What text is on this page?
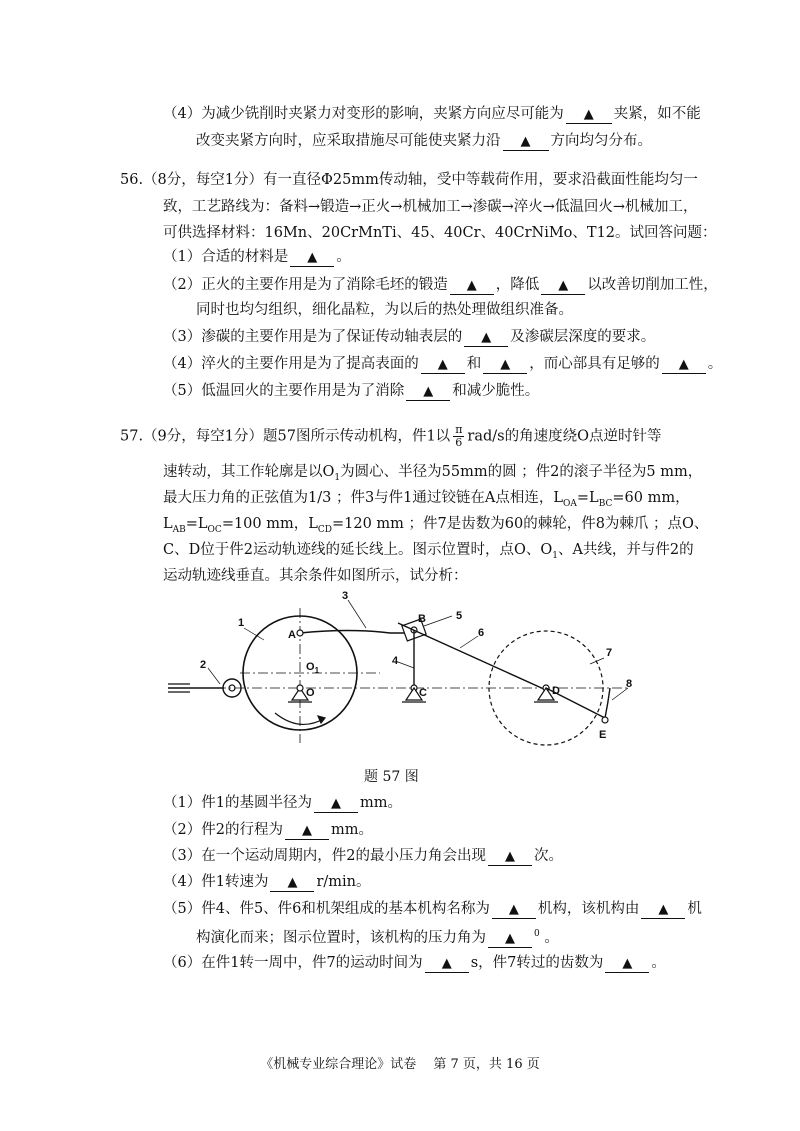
（4）为减少铣削时夹紧力对变形的影响，夹紧方向应尽可能为 ▲ 夹紧，如不能
改变夹紧方向时，应采取措施尽可能使夹紧力沿 ▲ 方向均匀分布。
56.（8分，每空1分）有一直径Φ25mm传动轴，受中等载荷作用，要求沿截面性能均匀一
致，工艺路线为：备料→锻造→正火→机械加工→渗碳→淬火→低温回火→机械加工，
可供选择材料：16Mn、20CrMnTi、45、40Cr、40CrNiMo、T12。试回答问题：
（1）合适的材料是 ▲ 。
（2）正火的主要作用是为了消除毛坯的锻造 ▲ ，降低 ▲ 以改善切削加工性，
同时也均匀组织，细化晶粒，为以后的热处理做组织准备。
（3）渗碳的主要作用是为了保证传动轴表层的 ▲ 及渗碳层深度的要求。
（4）淬火的主要作用是为了提高表面的 ▲ 和 ▲ ，而心部具有足够的 ▲ 。
（5）低温回火的主要作用是为了消除 ▲ 和减少脆性。
57.（9分，每空1分）题57图所示传动机构，件1以 $\frac{\pi}{6} rad/s$的角速度绕O点逆时针等
速转动，其工作轮廓是以$O_1$为圆心、半径为55mm的圆 ；件2的滚子半径为5 mm，
最大压力角的正弦值为1/3 ；件3与件1通过铰链在A点相连，$L_{OA}=L_{BC}=60$ mm，
$L_{AB}=L_{OC}=100$ mm，$L_{CD}=120$ mm ；件7是齿数为60的棘轮，件8为棘爪 ；点O、
C、D位于件2运动轨迹线的延长线上。图示位置时，点O、$O_1$、A共线，并与件2的
运动轨迹线垂直。其余条件如图所示，试分析：
1
2
3
4
5
6
7
8
A
B
C	D
E
O
$O_1$
题 57 图
（1）件1的基圆半径为 ▲ mm。
（2）件2的行程为 ▲ mm。
（3）在一个运动周期内，件2的最小压力角会出现 ▲ 次。
（4）件1转速为 ▲ r/min。
（5）件4、件5、件6和机架组成的基本机构名称为 ▲ 机构，该机构由 ▲ 机
构演化而来；图示位置时，该机构的压力角为 ▲ $^0$ 。
（6）在件1转一周中，件7的运动时间为 ▲ s，件7转过的齿数为 ▲ 。
《机械专业综合理论》试卷　 第 7 页，共 16 页
